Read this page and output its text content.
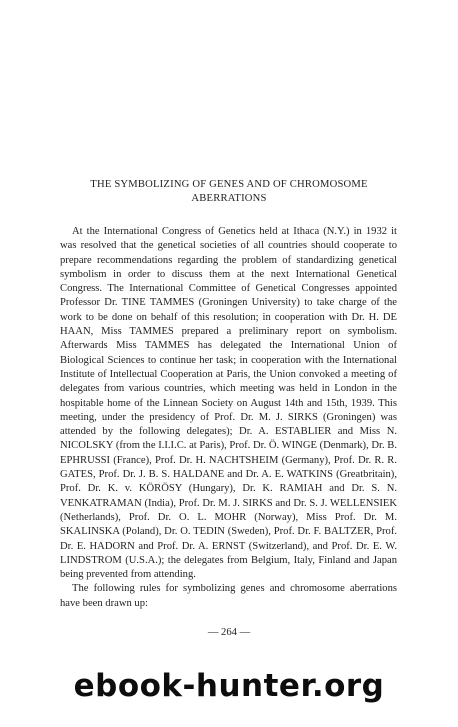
THE SYMBOLIZING OF GENES AND OF CHROMOSOME ABERRATIONS

At the International Congress of Genetics held at Ithaca (N.Y.) in 1932 it was resolved that the genetical societies of all countries should cooperate to prepare recommendations regarding the problem of standardizing genetical symbolism in order to discuss them at the next International Genetical Congress. The International Committee of Genetical Congresses appointed Professor Dr. TINE TAMMES (Groningen University) to take charge of the work to be done on behalf of this resolution; in cooperation with Dr. H. DE HAAN, Miss TAMMES prepared a preliminary report on symbolism. Afterwards Miss TAMMES has delegated the International Union of Biological Sciences to continue her task; in cooperation with the International Institute of Intellectual Cooperation at Paris, the Union convoked a meeting of delegates from various countries, which meeting was held in London in the hospitable home of the Linnean Society on August 14th and 15th, 1939. This meeting, under the presidency of Prof. Dr. M. J. SIRKS (Groningen) was attended by the following delegates); Dr. A. ESTABLIER and Miss N. NICOLSKY (from the I.I.I.C. at Paris), Prof. Dr. Ö. WINGE (Denmark), Dr. B. EPHRUSSI (France), Prof. Dr. H. NACHTSHEIM (Germany), Prof. Dr. R. R. GATES, Prof. Dr. J. B. S. HALDANE and Dr. A. E. WATKINS (Greatbritain), Prof. Dr. K. v. KÖRÖSY (Hungary), Dr. K. RAMIAH and Dr. S. N. VENKATRAMAN (India), Prof. Dr. M. J. SIRKS and Dr. S. J. WELLENSIEK (Netherlands), Prof. Dr. O. L. MOHR (Norway), Miss Prof. Dr. M. SKALINSKA (Poland), Dr. O. TEDIN (Sweden), Prof. Dr. F. BALTZER, Prof. Dr. E. HADORN and Prof. Dr. A. ERNST (Switzerland), and Prof. Dr. E. W. LINDSTROM (U.S.A.); the delegates from Belgium, Italy, Finland and Japan being prevented from attending.

The following rules for symbolizing genes and chromosome aberrations have been drawn up:

— 264 —
ebook-hunter.org
